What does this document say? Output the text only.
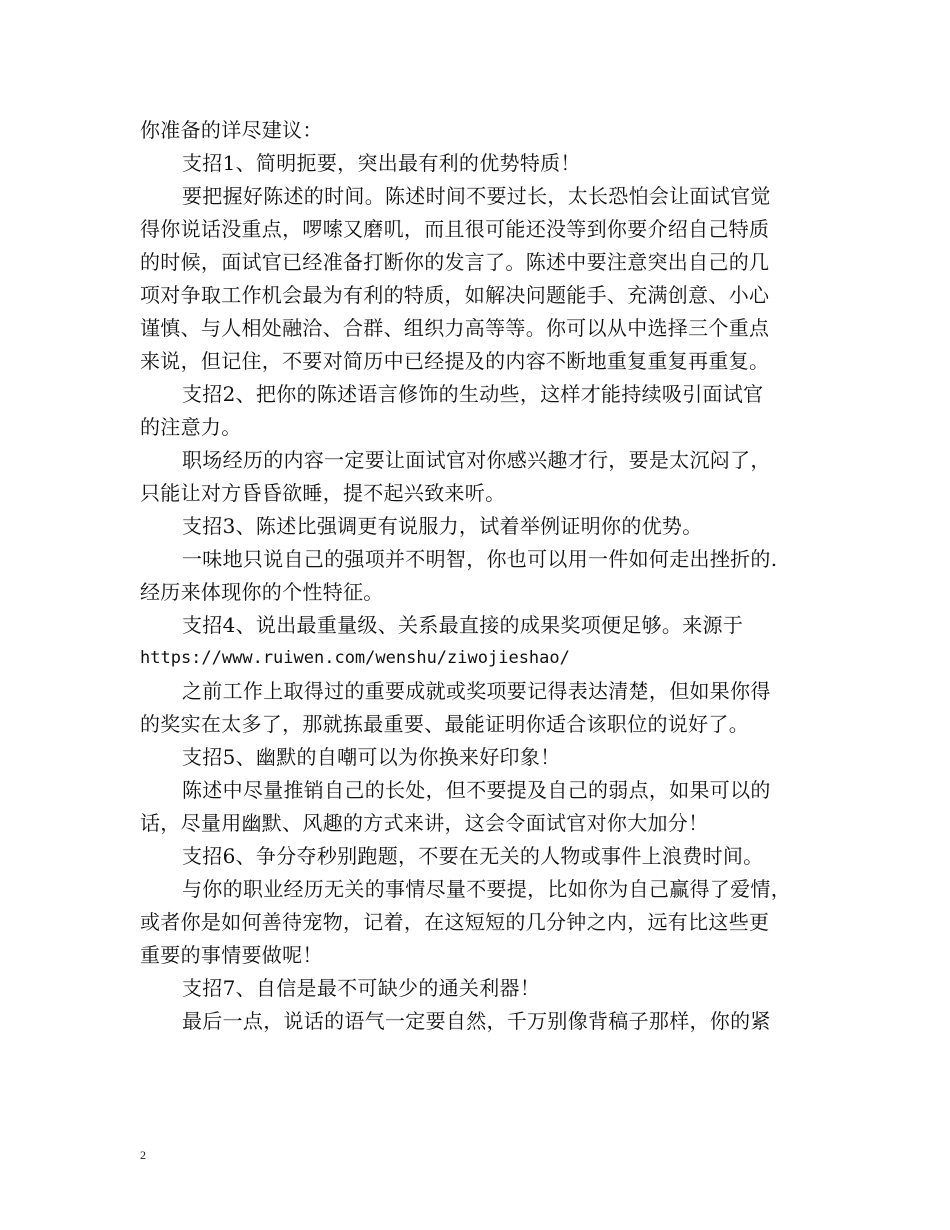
你准备的详尽建议：
支招1、简明扼要，突出最有利的优势特质！
要把握好陈述的时间。陈述时间不要过长，太长恐怕会让面试官觉
得你说话没重点，啰嗦又磨叽，而且很可能还没等到你要介绍自己特质
的时候，面试官已经准备打断你的发言了。陈述中要注意突出自己的几
项对争取工作机会最为有利的特质，如解决问题能手、充满创意、小心
谨慎、与人相处融洽、合群、组织力高等等。你可以从中选择三个重点
来说，但记住，不要对简历中已经提及的内容不断地重复重复再重复。
支招2、把你的陈述语言修饰的生动些，这样才能持续吸引面试官
的注意力。
职场经历的内容一定要让面试官对你感兴趣才行，要是太沉闷了，
只能让对方昏昏欲睡，提不起兴致来听。
支招3、陈述比强调更有说服力，试着举例证明你的优势。
一味地只说自己的强项并不明智，你也可以用一件如何走出挫折的.
经历来体现你的个性特征。
支招4、说出最重量级、关系最直接的成果奖项便足够。来源于
https://www.ruiwen.com/wenshu/ziwojieshao/
之前工作上取得过的重要成就或奖项要记得表达清楚，但如果你得
的奖实在太多了，那就拣最重要、最能证明你适合该职位的说好了。
支招5、幽默的自嘲可以为你换来好印象！
陈述中尽量推销自己的长处，但不要提及自己的弱点，如果可以的
话，尽量用幽默、风趣的方式来讲，这会令面试官对你大加分！
支招6、争分夺秒别跑题，不要在无关的人物或事件上浪费时间。
与你的职业经历无关的事情尽量不要提，比如你为自己赢得了爱情，
或者你是如何善待宠物，记着，在这短短的几分钟之内，远有比这些更
重要的事情要做呢！
支招7、自信是最不可缺少的通关利器！
最后一点，说话的语气一定要自然，千万别像背稿子那样，你的紧
2
